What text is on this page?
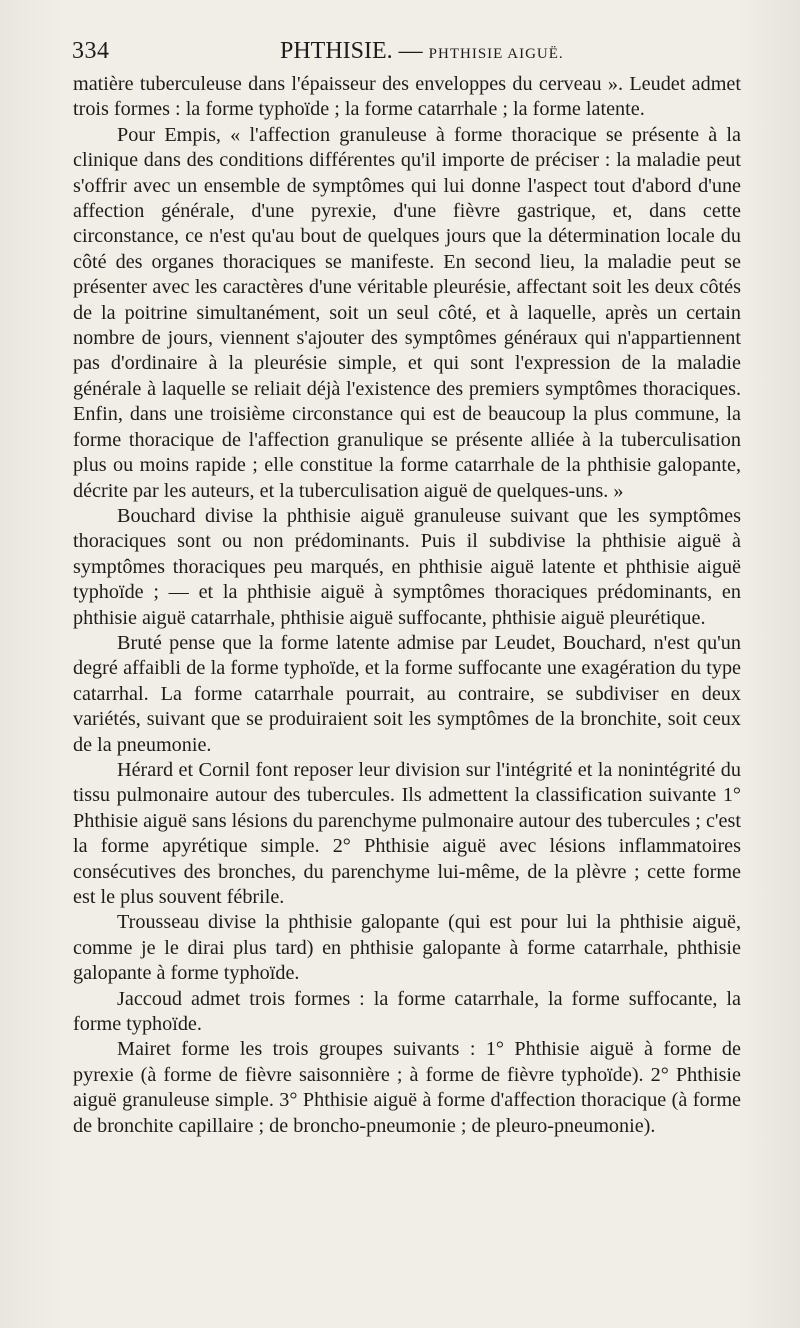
334	PHTHISIE. — PHTHISIE AIGUË.

matière tuberculeuse dans l'épaisseur des enveloppes du cerveau ». Leudet admet trois formes : la forme typhoïde ; la forme catarrhale ; la forme latente.

Pour Empis, « l'affection granuleuse à forme thoracique se présente à la clinique dans des conditions différentes qu'il importe de préciser : la maladie peut s'offrir avec un ensemble de symptômes qui lui donne l'aspect tout d'abord d'une affection générale, d'une pyrexie, d'une fièvre gastrique, et, dans cette circonstance, ce n'est qu'au bout de quelques jours que la détermination locale du côté des organes thoraciques se manifeste. En second lieu, la maladie peut se présenter avec les caractères d'une véritable pleurésie, affectant soit les deux côtés de la poitrine simultanément, soit un seul côté, et à laquelle, après un certain nombre de jours, viennent s'ajouter des symptômes généraux qui n'appartiennent pas d'ordinaire à la pleurésie simple, et qui sont l'expression de la maladie générale à laquelle se reliait déjà l'existence des premiers symptômes thoraciques. Enfin, dans une troisième circonstance qui est de beaucoup la plus commune, la forme thoracique de l'affection granulique se présente alliée à la tuberculisation plus ou moins rapide ; elle constitue la forme catarrhale de la phthisie galopante, décrite par les auteurs, et la tuberculisation aiguë de quelques-uns. »

Bouchard divise la phthisie aiguë granuleuse suivant que les symptômes thoraciques sont ou non prédominants. Puis il subdivise la phthisie aiguë à symptômes thoraciques peu marqués, en phthisie aiguë latente et phthisie aiguë typhoïde ; — et la phthisie aiguë à symptômes thoraciques prédominants, en phthisie aiguë catarrhale, phthisie aiguë suffocante, phthisie aiguë pleurétique.

Bruté pense que la forme latente admise par Leudet, Bouchard, n'est qu'un degré affaibli de la forme typhoïde, et la forme suffocante une exagération du type catarrhal. La forme catarrhale pourrait, au contraire, se subdiviser en deux variétés, suivant que se produiraient soit les symptômes de la bronchite, soit ceux de la pneumonie.

Hérard et Cornil font reposer leur division sur l'intégrité et la nonintégrité du tissu pulmonaire autour des tubercules. Ils admettent la classification suivante 1° Phthisie aiguë sans lésions du parenchyme pulmonaire autour des tubercules ; c'est la forme apyrétique simple. 2° Phthisie aiguë avec lésions inflammatoires consécutives des bronches, du parenchyme lui-même, de la plèvre ; cette forme est le plus souvent fébrile.

Trousseau divise la phthisie galopante (qui est pour lui la phthisie aiguë, comme je le dirai plus tard) en phthisie galopante à forme catarrhale, phthisie galopante à forme typhoïde.

Jaccoud admet trois formes : la forme catarrhale, la forme suffocante, la forme typhoïde.

Mairet forme les trois groupes suivants : 1° Phthisie aiguë à forme de pyrexie (à forme de fièvre saisonnière ; à forme de fièvre typhoïde). 2° Phthisie aiguë granuleuse simple. 3° Phthisie aiguë à forme d'affection thoracique (à forme de bronchite capillaire ; de broncho-pneumonie ; de pleuro-pneumonie).
